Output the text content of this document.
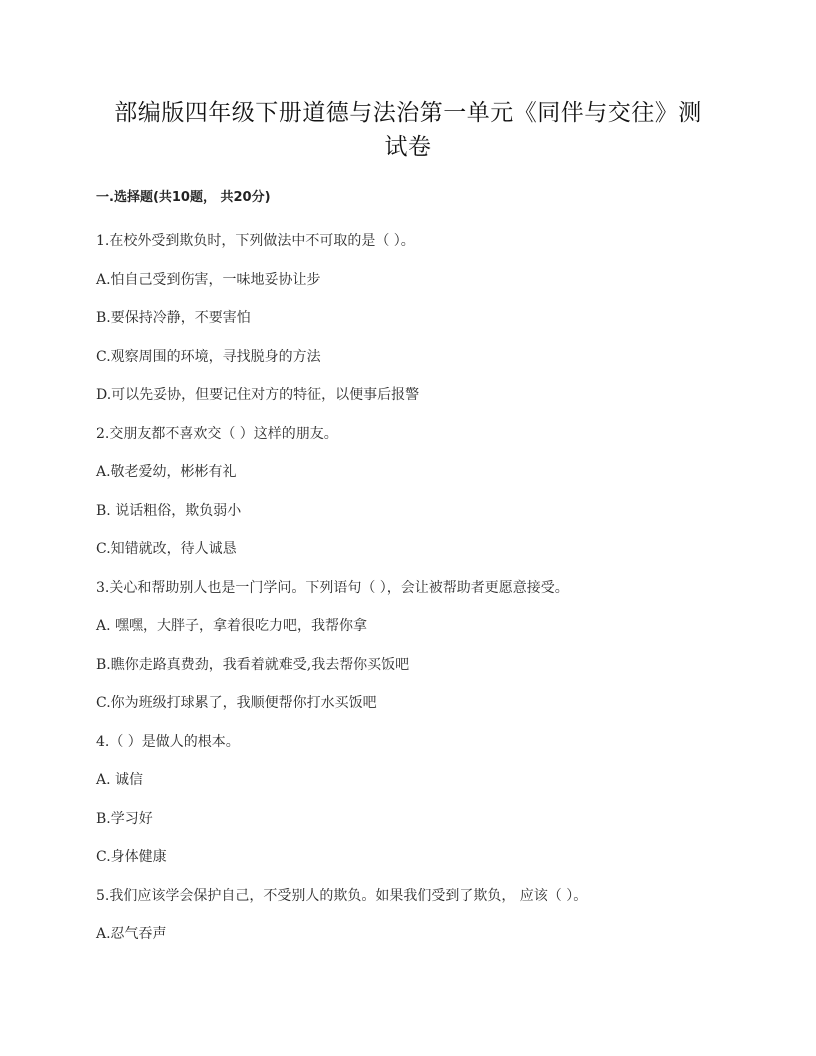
部编版四年级下册道德与法治第一单元《同伴与交往》测
试卷
一.选择题(共10题， 共20分)
1.在校外受到欺负时，下列做法中不可取的是（ ）。
A.怕自己受到伤害，一味地妥协让步
B.要保持冷静，不要害怕
C.观察周围的环境，寻找脱身的方法
D.可以先妥协，但要记住对方的特征，以便事后报警
2.交朋友都不喜欢交（ ）这样的朋友。
A.敬老爱幼，彬彬有礼
B. 说话粗俗，欺负弱小
C.知错就改，待人诚恳
3.关心和帮助别人也是一门学问。下列语句（ ），会让被帮助者更愿意接受。
A. 嘿嘿，大胖子，拿着很吃力吧，我帮你拿
B.瞧你走路真费劲，我看着就难受,我去帮你买饭吧
C.你为班级打球累了，我顺便帮你打水买饭吧
4.（ ）是做人的根本。
A. 诚信
B.学习好
C.身体健康
5.我们应该学会保护自己，不受别人的欺负。如果我们受到了欺负， 应该（ ）。
A.忍气吞声
